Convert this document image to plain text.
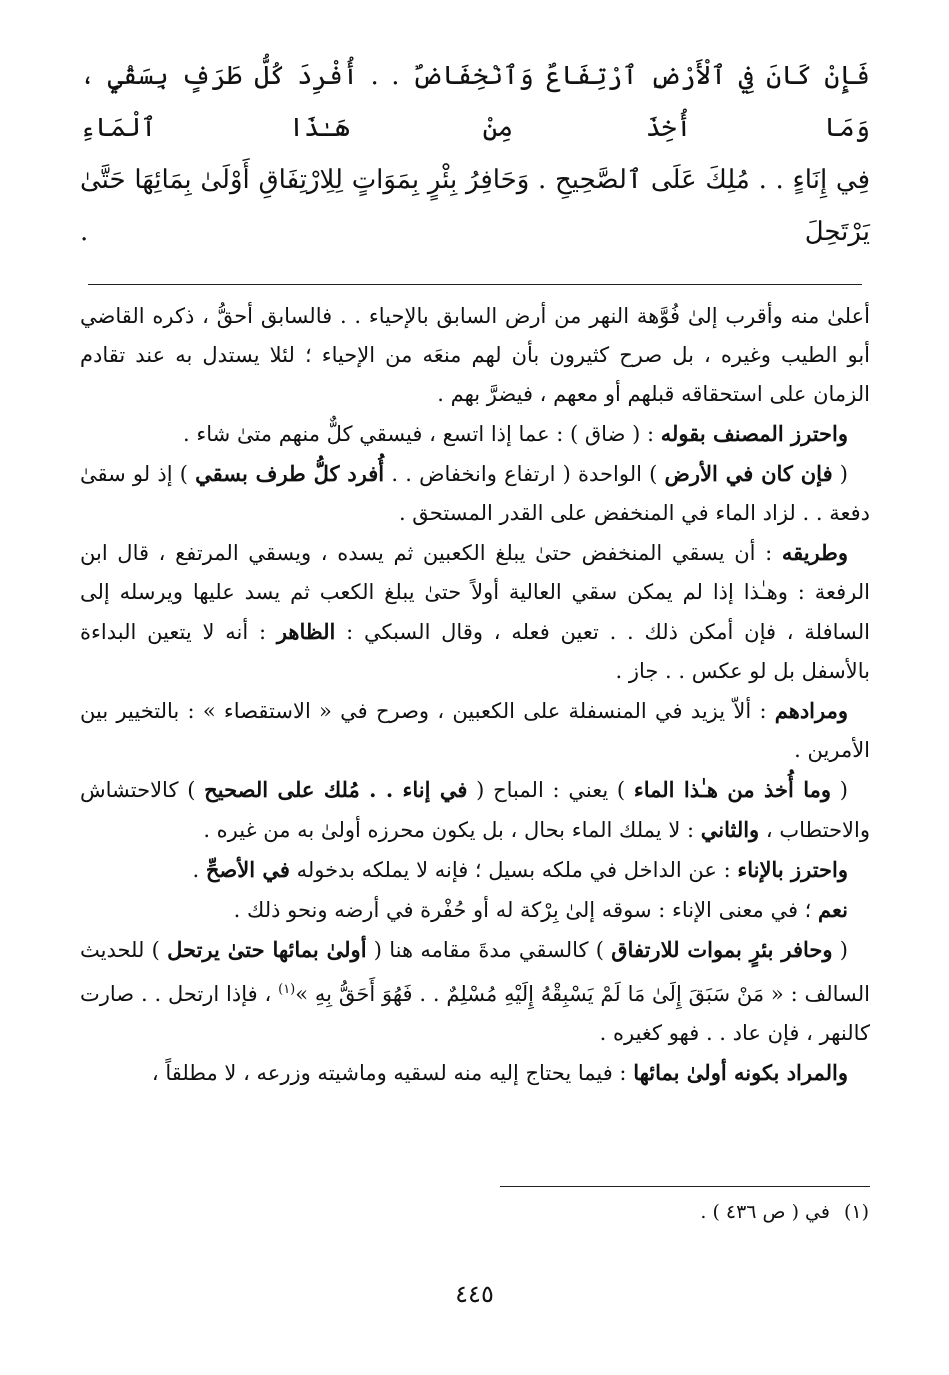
فَإِنْ كَانَ فِي ٱلْأَرْضِ ٱرْتِفَاعٌ وَٱنْخِفَاضٌ . . أُفْرِدَ كُلُّ طَرَفٍ بِسَقْيٍ ، وَمَا أُخِذَ مِنْ هَـٰذَا ٱلْمَاءِ

فِي إِنَاءٍ . . مُلِكَ عَلَى ٱلصَّحِيحِ . وَحَافِرُ بِئْرٍ بِمَوَاتٍ لِلِارْتِفَاقِ أَوْلَىٰ بِمَائِهَا حَتَّىٰ يَرْتَحِلَ .

أعلىٰ منه وأقرب إلىٰ فُوَّهة النهر من أرض السابق بالإحياء . . فالسابق أحقُّ ، ذكره القاضي أبو الطيب وغيره ، بل صرح كثيرون بأن لهم منعَه من الإحياء ؛ لئلا يستدل به عند تقادم الزمان على استحقاقه قبلهم أو معهم ، فيضرَّ بهم .

واحترز المصنف بقوله : ( ضاق ) : عما إذا اتسع ، فيسقي كلٌّ منهم متىٰ شاء .

( فإن كان في الأرض ) الواحدة ( ارتفاع وانخفاض . . أُفرد كلُّ طرف بسقي ) إذ لو سقىٰ دفعة . . لزاد الماء في المنخفض على القدر المستحق .

وطريقه : أن يسقي المنخفض حتىٰ يبلغ الكعبين ثم يسده ، ويسقي المرتفع ، قال ابن الرفعة : وهـٰذا إذا لم يمكن سقي العالية أولاً حتىٰ يبلغ الكعب ثم يسد عليها ويرسله إلى السافلة ، فإن أمكن ذلك . . تعين فعله ، وقال السبكي : الظاهر : أنه لا يتعين البداءة بالأسفل بل لو عكس . . جاز .

ومرادهم : ألاّ يزيد في المنسفلة على الكعبين ، وصرح في « الاستقصاء » : بالتخيير بين الأمرين .

( وما أُخذ من هـٰذا الماء ) يعني : المباح ( في إناء . . مُلك على الصحيح ) كالاحتشاش والاحتطاب ، والثاني : لا يملك الماء بحال ، بل يكون محرزه أولىٰ به من غيره .

واحترز بالإناء : عن الداخل في ملكه بسيل ؛ فإنه لا يملكه بدخوله في الأصحِّ .

نعم ؛ في معنى الإناء : سوقه إلىٰ بِرْكة له أو حُفْرة في أرضه ونحو ذلك .

( وحافر بئرٍ بموات للارتفاق ) كالسقي مدةَ مقامه هنا ( أولىٰ بمائها حتىٰ يرتحل ) للحديث السالف : « مَنْ سَبَقَ إِلَىٰ مَا لَمْ يَسْبِقْهُ إِلَيْهِ مُسْلِمٌ . . فَهُوَ أَحَقُّ بِهِ »$^{(١)}$ ، فإذا ارتحل . . صارت كالنهر ، فإن عاد . . فهو كغيره .

والمراد بكونه أولىٰ بمائها : فيما يحتاج إليه منه لسقيه وماشيته وزرعه ، لا مطلقاً ،

(١)في ( ص ٤٣٦ ) .
٤٤٥
